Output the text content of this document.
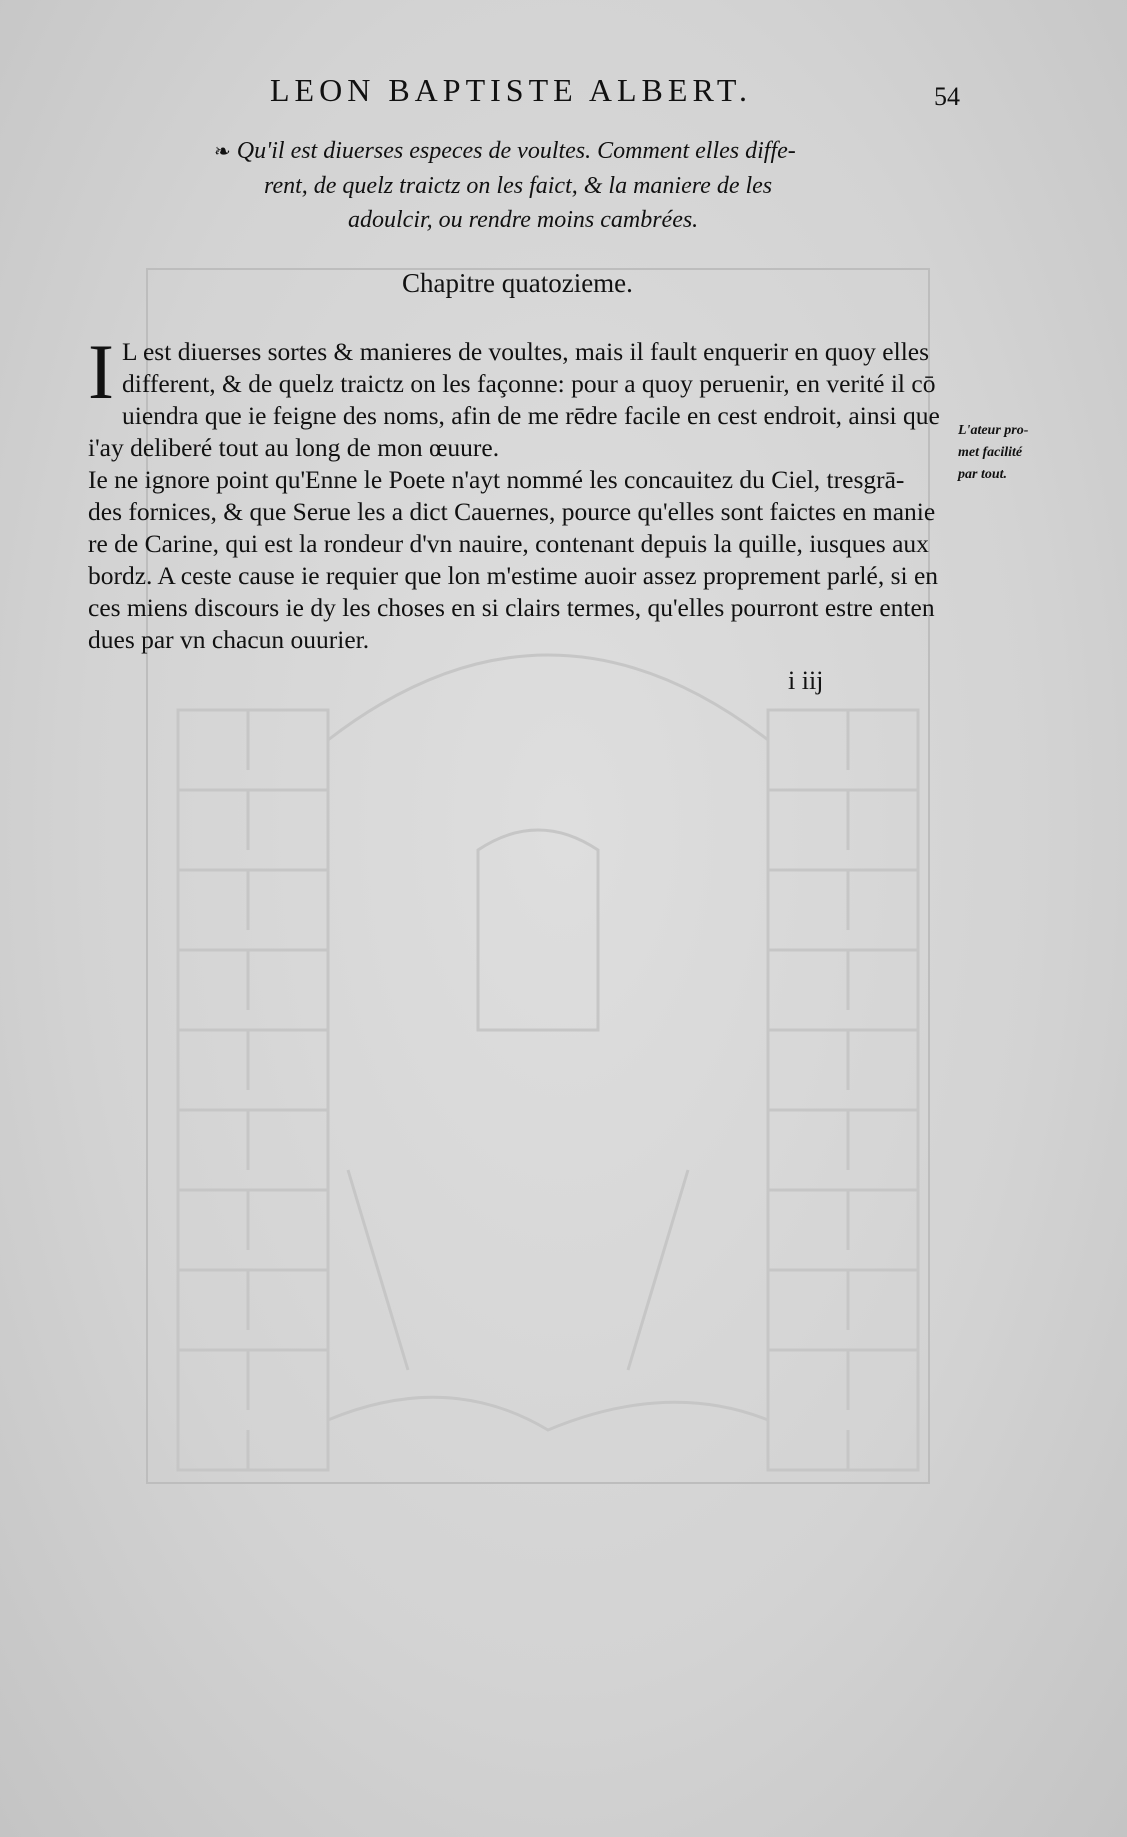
LEON BAPTISTE ALBERT.	54
❧ Qu'il est diuerses especes de voultes. Comment elles diffe-
rent, de quelz traictz on les faict, & la maniere de les
adoulcir, ou rendre moins cambrées.
Chapitre quatozieme.
I L est diuerses sortes & manieres de voultes, mais il fault enquerir en quoy elles

different, & de quelz traictz on les façonne: pour a quoy peruenir, en verité il cō

uiendra que ie feigne des noms, afin de me rēdre facile en cest endroit, ainsi que

i'ay deliberé tout au long de mon œuure.

Ie ne ignore point qu'Enne le Poete n'ayt nommé les concauitez du Ciel, tresgrā-

des fornices, & que Serue les a dict Cauernes, pource qu'elles sont faictes en manie

re de Carine, qui est la rondeur d'vn nauire, contenant depuis la quille, iusques aux

bordz. A ceste cause ie requier que lon m'estime auoir assez proprement parlé, si en

ces miens discours ie dy les choses en si clairs termes, qu'elles pourront estre enten

dues par vn chacun ouurier.

i iij
L'ateur pro-
met facilité
par tout.
